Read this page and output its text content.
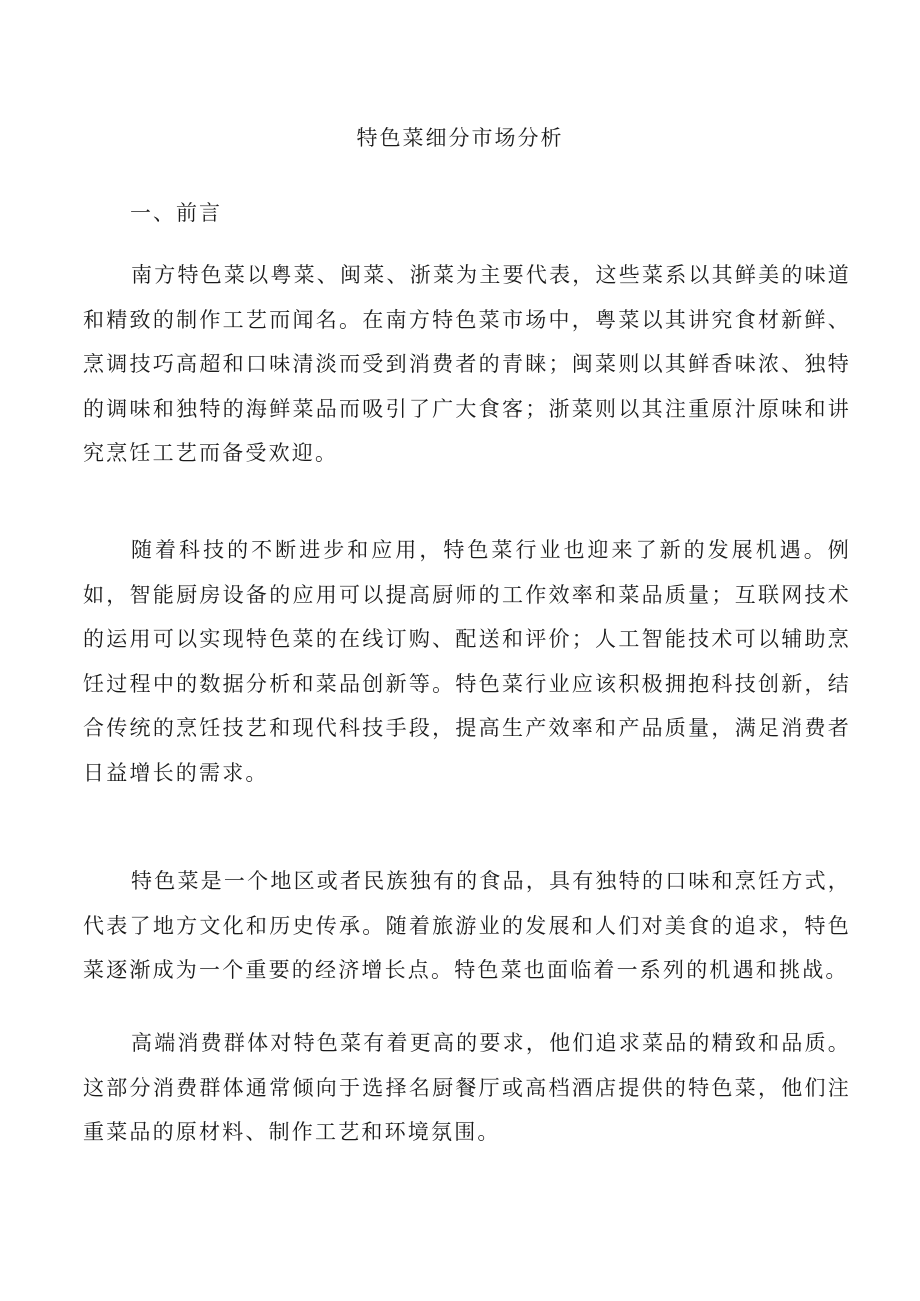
特色菜细分市场分析
一、前言

南方特色菜以粤菜、闽菜、浙菜为主要代表，这些菜系以其鲜美的味道和精致的制作工艺而闻名。在南方特色菜市场中，粤菜以其讲究食材新鲜、烹调技巧高超和口味清淡而受到消费者的青睐；闽菜则以其鲜香味浓、独特的调味和独特的海鲜菜品而吸引了广大食客；浙菜则以其注重原汁原味和讲究烹饪工艺而备受欢迎。

随着科技的不断进步和应用，特色菜行业也迎来了新的发展机遇。例如，智能厨房设备的应用可以提高厨师的工作效率和菜品质量；互联网技术的运用可以实现特色菜的在线订购、配送和评价；人工智能技术可以辅助烹饪过程中的数据分析和菜品创新等。特色菜行业应该积极拥抱科技创新，结合传统的烹饪技艺和现代科技手段，提高生产效率和产品质量，满足消费者日益增长的需求。

特色菜是一个地区或者民族独有的食品，具有独特的口味和烹饪方式，代表了地方文化和历史传承。随着旅游业的发展和人们对美食的追求，特色菜逐渐成为一个重要的经济增长点。特色菜也面临着一系列的机遇和挑战。

高端消费群体对特色菜有着更高的要求，他们追求菜品的精致和品质。这部分消费群体通常倾向于选择名厨餐厅或高档酒店提供的特色菜，他们注重菜品的原材料、制作工艺和环境氛围。
